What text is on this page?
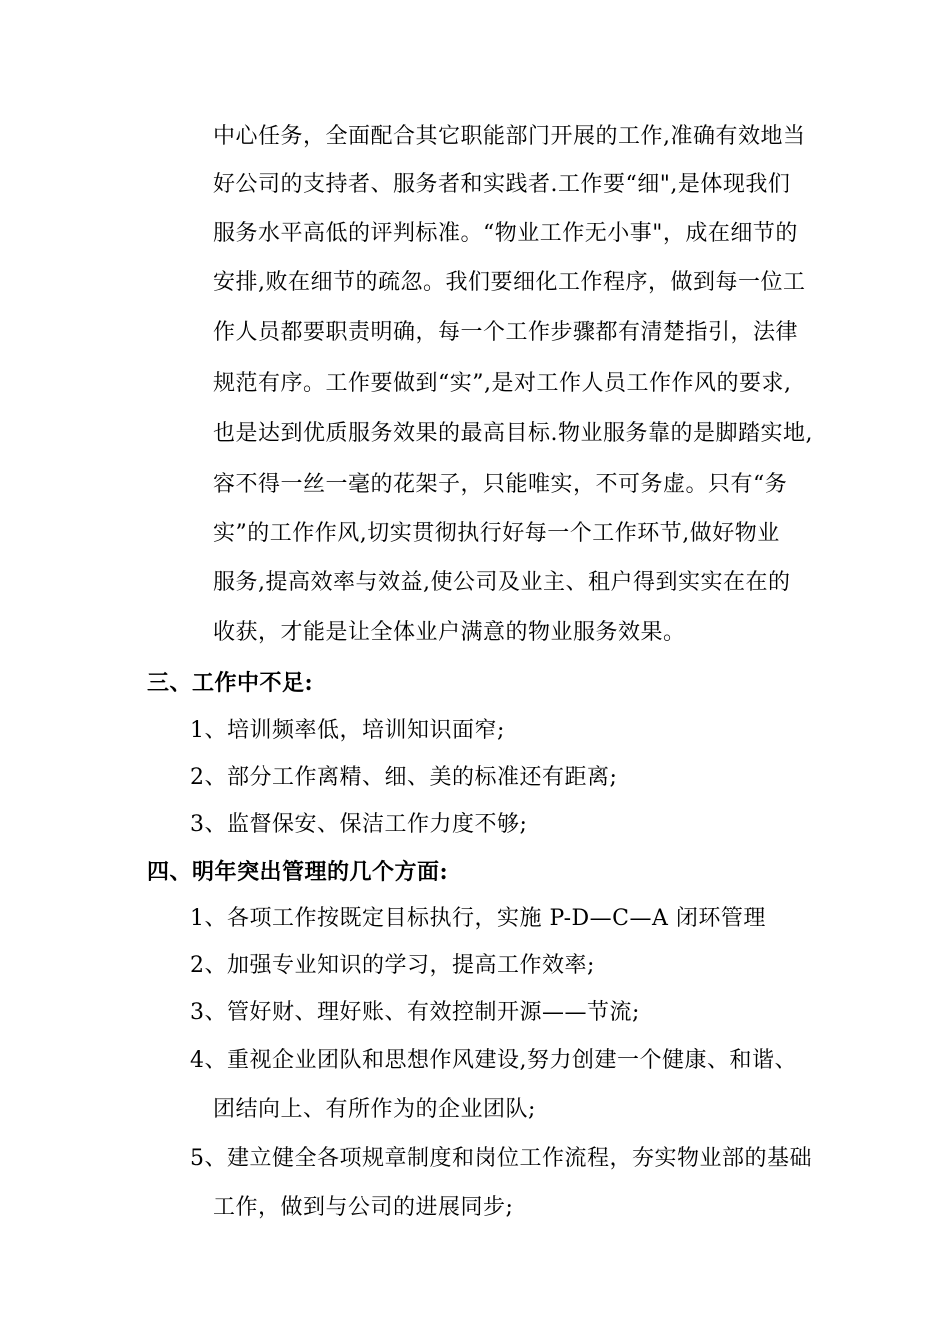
中心任务，全面配合其它职能部门开展的工作,准确有效地当
好公司的支持者、服务者和实践者.工作要“细",是体现我们
服务水平高低的评判标准。“物业工作无小事"，成在细节的
安排,败在细节的疏忽。我们要细化工作程序，做到每一位工
作人员都要职责明确，每一个工作步骤都有清楚指引，法律
规范有序。工作要做到“实”,是对工作人员工作作风的要求,
也是达到优质服务效果的最高目标.物业服务靠的是脚踏实地,
容不得一丝一毫的花架子，只能唯实，不可务虚。只有“务
实”的工作作风,切实贯彻执行好每一个工作环节,做好物业
服务,提高效率与效益,使公司及业主、租户得到实实在在的
收获，才能是让全体业户满意的物业服务效果。
三、工作中不足:
1、培训频率低，培训知识面窄;
2、部分工作离精、细、美的标准还有距离;
3、监督保安、保洁工作力度不够;
四、明年突出管理的几个方面:
1、各项工作按既定目标执行，实施 P-D—C—A 闭环管理
2、加强专业知识的学习，提高工作效率;
3、管好财、理好账、有效控制开源——节流;
4、重视企业团队和思想作风建设,努力创建一个健康、和谐、
团结向上、有所作为的企业团队;
5、建立健全各项规章制度和岗位工作流程，夯实物业部的基础
工作，做到与公司的进展同步;
